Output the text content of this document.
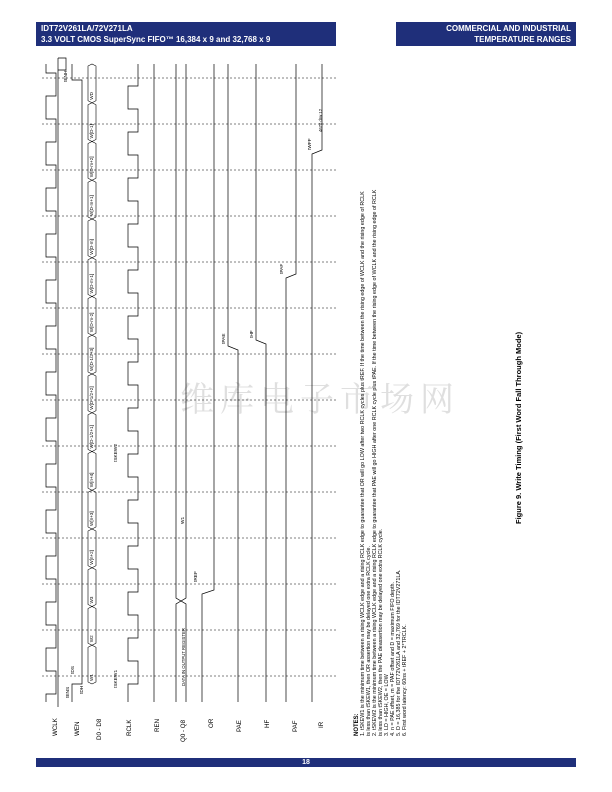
IDT72V261LA/72V271LA
3.3 VOLT CMOS SuperSync FIFO™ 16,384 x 9 and 32,768 x 9
COMMERCIAL AND INDUSTRIAL
TEMPERATURE RANGES
维库电子市场网
WCLK WEN D0 - D8	RCLK	REN	Q0 - Q8	OR	PAE	HF	PAF	IR
W1
W2
W3
W[n+2]
W[n+3]
W[n+4]
W[D-1/2+1]
W[D-1/2+2]
W[D-1/2+3]
W[D-m-2]
W[D-m-1]
W[D-m]
W[D-m+1]
W[D-m+2]
W[D-1]
WD
DATA IN OUTPUT REGISTER
W1
tDS
tDH
tENS
tENH
tSKEW1
tSKEW2
tREF
tPAE	tHF
tPAF
tWFF
4670 drw 12
NOTES: 1. tSKEW1 is the minimum time between a rising WCLK edge and a rising RCLK edge to guarantee that OR will go LOW after two RCLK cycles plus tREF. If the time between the rising edge of WCLK and the rising edge of RCLK is less than tSKEW1, then OR assertion may be delayed one extra RCLK cycle. 2. tSKEW2 is the minimum time between a rising WCLK edge and a rising RCLK edge to guarantee that PAE will go HIGH after one RCLK cycle plus tPAE. If the time between the rising edge of WCLK and the rising edge of RCLK is less than tSKEW2, then the PAE deassertion may be delayed one extra RCLK cycle. 3. LD = HIGH, OE = LOW 4. n = PAE offset, m = PAF offset and D = maximum FIFO depth. 5. D = 16,385 for the IDT72V261LA and 32,769 for the IDT72V271LA. 6. First word latency: 60ns + tREF + 2*TRCLK.
Figure 9. Write Timing (First Word Fall Through Mode)
18
